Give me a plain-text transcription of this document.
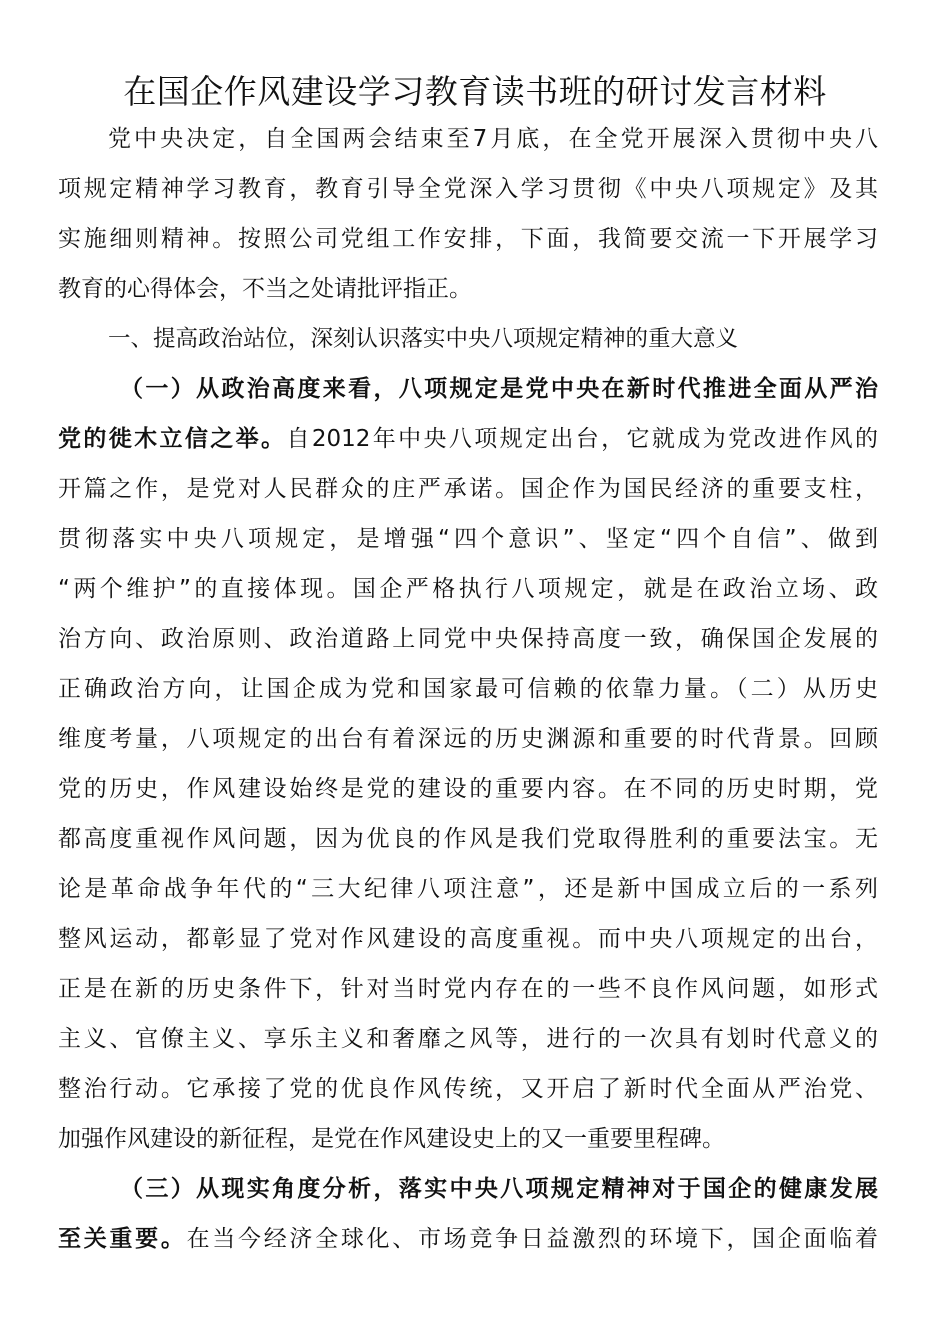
在国企作风建设学习教育读书班的研讨发言材料
党中央决定，自全国两会结束至7月底，在全党开展深入贯彻中央八
项规定精神学习教育，教育引导全党深入学习贯彻《中央八项规定》及其
实施细则精神。按照公司党组工作安排，下面，我简要交流一下开展学习
教育的心得体会，不当之处请批评指正。
一、提高政治站位，深刻认识落实中央八项规定精神的重大意义
（一）从政治高度来看，八项规定是党中央在新时代推进全面从严治
党的徙木立信之举。自2012年中央八项规定出台，它就成为党改进作风的
开篇之作，是党对人民群众的庄严承诺。国企作为国民经济的重要支柱，
贯彻落实中央八项规定，是增强“四个意识”、坚定“四个自信”、做到
“两个维护”的直接体现。国企严格执行八项规定，就是在政治立场、政
治方向、政治原则、政治道路上同党中央保持高度一致，确保国企发展的
正确政治方向，让国企成为党和国家最可信赖的依靠力量。（二）从历史
维度考量，八项规定的出台有着深远的历史渊源和重要的时代背景。回顾
党的历史，作风建设始终是党的建设的重要内容。在不同的历史时期，党
都高度重视作风问题，因为优良的作风是我们党取得胜利的重要法宝。无
论是革命战争年代的“三大纪律八项注意”，还是新中国成立后的一系列
整风运动，都彰显了党对作风建设的高度重视。而中央八项规定的出台，
正是在新的历史条件下，针对当时党内存在的一些不良作风问题，如形式
主义、官僚主义、享乐主义和奢靡之风等，进行的一次具有划时代意义的
整治行动。它承接了党的优良作风传统，又开启了新时代全面从严治党、
加强作风建设的新征程，是党在作风建设史上的又一重要里程碑。
（三）从现实角度分析，落实中央八项规定精神对于国企的健康发展
至关重要。在当今经济全球化、市场竞争日益激烈的环境下，国企面临着
